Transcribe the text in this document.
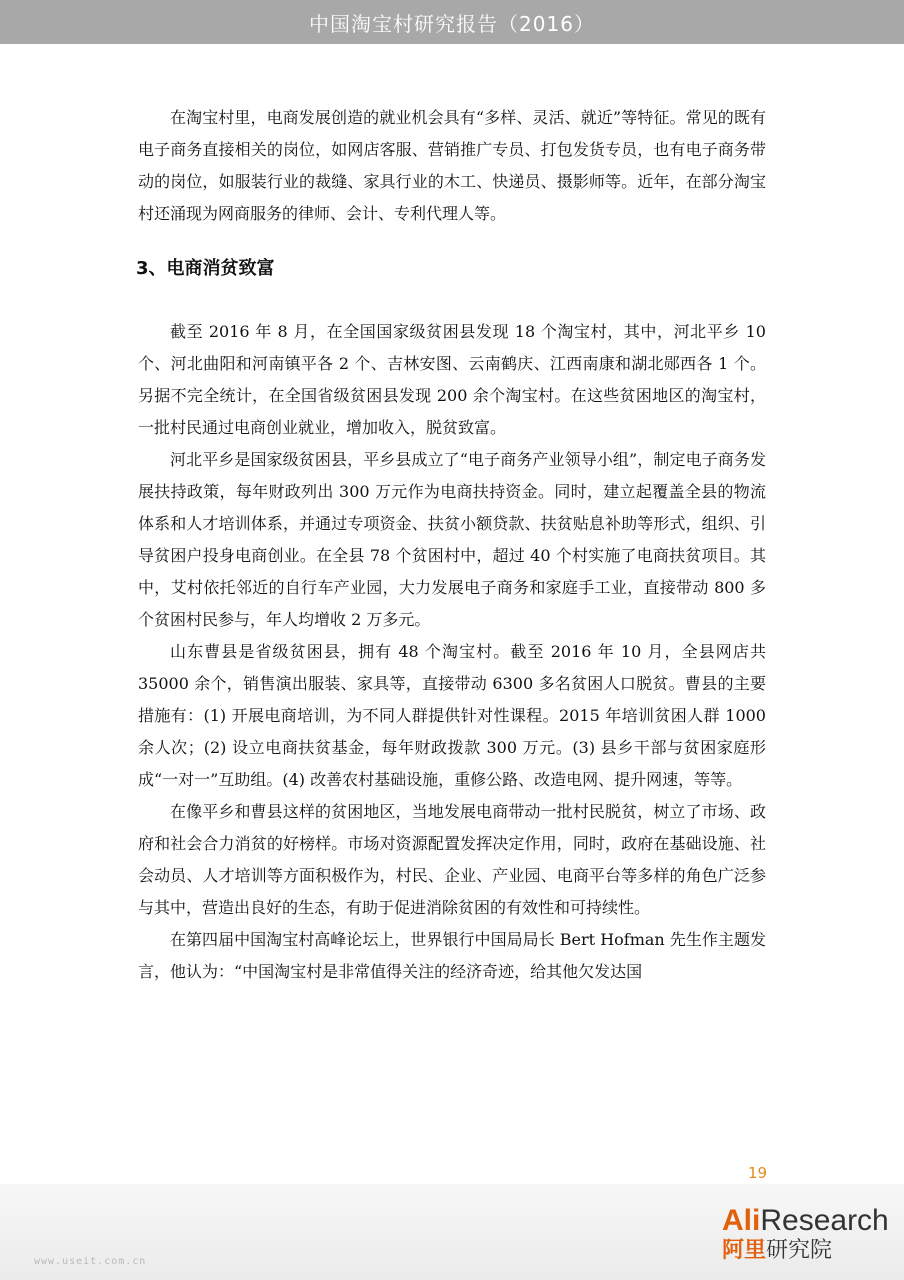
中国淘宝村研究报告（2016）

在淘宝村里，电商发展创造的就业机会具有“多样、灵活、就近”等特征。常见的既有电子商务直接相关的岗位，如网店客服、营销推广专员、打包发货专员，也有电子商务带动的岗位，如服装行业的裁缝、家具行业的木工、快递员、摄影师等。近年，在部分淘宝村还涌现为网商服务的律师、会计、专利代理人等。

3、电商消贫致富

截至 2016 年 8 月，在全国国家级贫困县发现 18 个淘宝村，其中，河北平乡 10 个、河北曲阳和河南镇平各 2 个、吉林安图、云南鹤庆、江西南康和湖北郧西各 1 个。另据不完全统计，在全国省级贫困县发现 200 余个淘宝村。在这些贫困地区的淘宝村，一批村民通过电商创业就业，增加收入，脱贫致富。

河北平乡是国家级贫困县，平乡县成立了“电子商务产业领导小组”，制定电子商务发展扶持政策，每年财政列出 300 万元作为电商扶持资金。同时，建立起覆盖全县的物流体系和人才培训体系，并通过专项资金、扶贫小额贷款、扶贫贴息补助等形式，组织、引导贫困户投身电商创业。在全县 78 个贫困村中，超过 40 个村实施了电商扶贫项目。其中，艾村依托邻近的自行车产业园，大力发展电子商务和家庭手工业，直接带动 800 多个贫困村民参与，年人均增收 2 万多元。

山东曹县是省级贫困县，拥有 48 个淘宝村。截至 2016 年 10 月，全县网店共 35000 余个，销售演出服装、家具等，直接带动 6300 多名贫困人口脱贫。曹县的主要措施有：(1) 开展电商培训，为不同人群提供针对性课程。2015 年培训贫困人群 1000 余人次；(2) 设立电商扶贫基金，每年财政拨款 300 万元。(3) 县乡干部与贫困家庭形成“一对一”互助组。(4) 改善农村基础设施，重修公路、改造电网、提升网速，等等。

在像平乡和曹县这样的贫困地区，当地发展电商带动一批村民脱贫，树立了市场、政府和社会合力消贫的好榜样。市场对资源配置发挥决定作用，同时，政府在基础设施、社会动员、人才培训等方面积极作为，村民、企业、产业园、电商平台等多样的角色广泛参与其中，营造出良好的生态，有助于促进消除贫困的有效性和可持续性。

在第四届中国淘宝村高峰论坛上，世界银行中国局局长 Bert Hofman 先生作主题发言，他认为：“中国淘宝村是非常值得关注的经济奇迹，给其他欠发达国

19
www.useit.com.cn
AliResearch
阿里研究院
